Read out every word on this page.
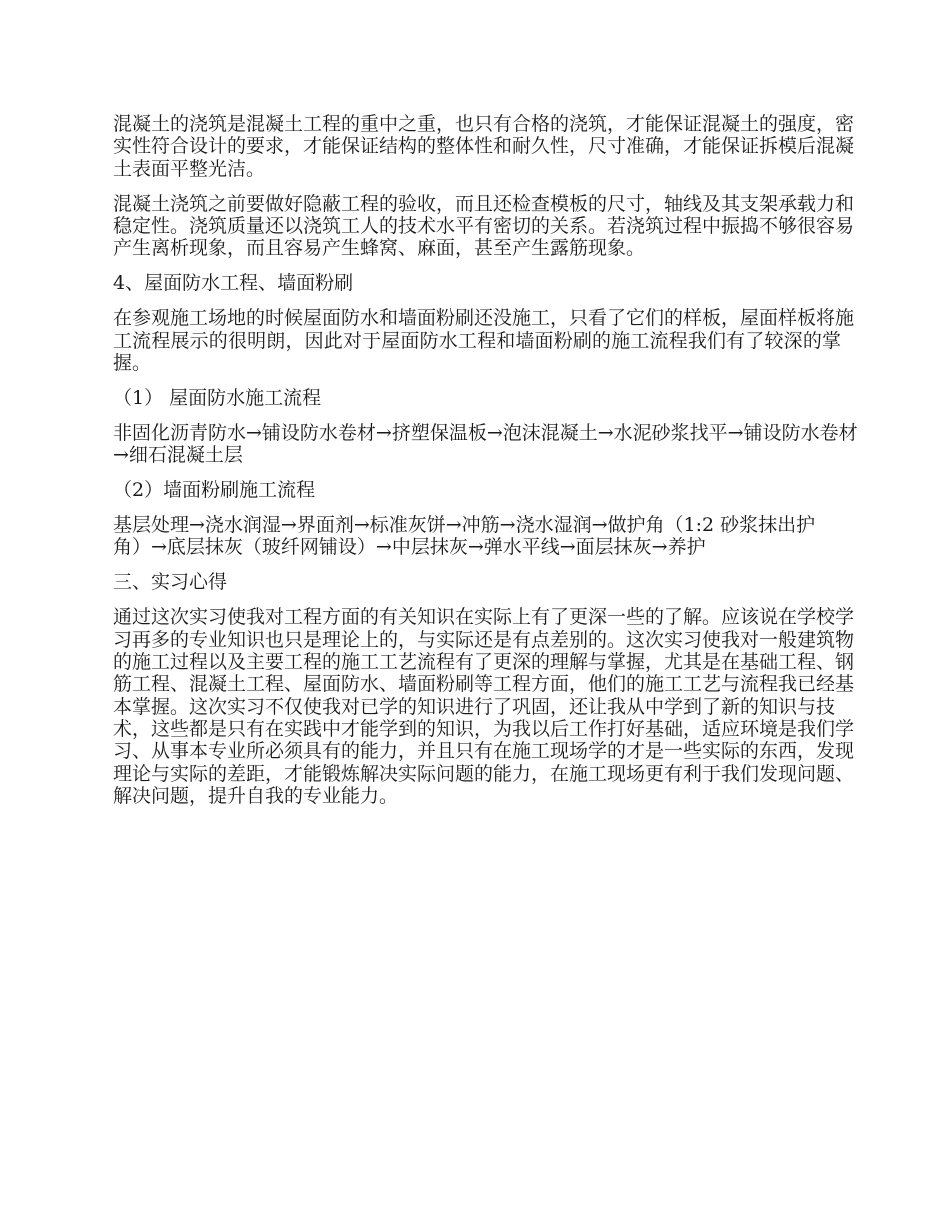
混凝土的浇筑是混凝土工程的重中之重，也只有合格的浇筑，才能保证混凝土的强度，密
实性符合设计的要求，才能保证结构的整体性和耐久性，尺寸准确，才能保证拆模后混凝
土表面平整光洁。
混凝土浇筑之前要做好隐蔽工程的验收，而且还检查模板的尺寸，轴线及其支架承载力和
稳定性。浇筑质量还以浇筑工人的技术水平有密切的关系。若浇筑过程中振捣不够很容易
产生离析现象，而且容易产生蜂窝、麻面，甚至产生露筋现象。
4、屋面防水工程、墙面粉刷
在参观施工场地的时候屋面防水和墙面粉刷还没施工，只看了它们的样板，屋面样板将施
工流程展示的很明朗，因此对于屋面防水工程和墙面粉刷的施工流程我们有了较深的掌
握。
（1） 屋面防水施工流程
非固化沥青防水→铺设防水卷材→挤塑保温板→泡沫混凝土→水泥砂浆找平→铺设防水卷材
→细石混凝土层
（2）墙面粉刷施工流程
基层处理→浇水润湿→界面剂→标准灰饼→冲筋→浇水湿润→做护角（1:2 砂浆抹出护
角）→底层抹灰（玻纤网铺设）→中层抹灰→弹水平线→面层抹灰→养护
三、实习心得
通过这次实习使我对工程方面的有关知识在实际上有了更深一些的了解。应该说在学校学
习再多的专业知识也只是理论上的，与实际还是有点差别的。这次实习使我对一般建筑物
的施工过程以及主要工程的施工工艺流程有了更深的理解与掌握，尤其是在基础工程、钢
筋工程、混凝土工程、屋面防水、墙面粉刷等工程方面，他们的施工工艺与流程我已经基
本掌握。这次实习不仅使我对已学的知识进行了巩固，还让我从中学到了新的知识与技
术，这些都是只有在实践中才能学到的知识，为我以后工作打好基础，适应环境是我们学
习、从事本专业所必须具有的能力，并且只有在施工现场学的才是一些实际的东西，发现
理论与实际的差距，才能锻炼解决实际问题的能力，在施工现场更有利于我们发现问题、
解决问题，提升自我的专业能力。
